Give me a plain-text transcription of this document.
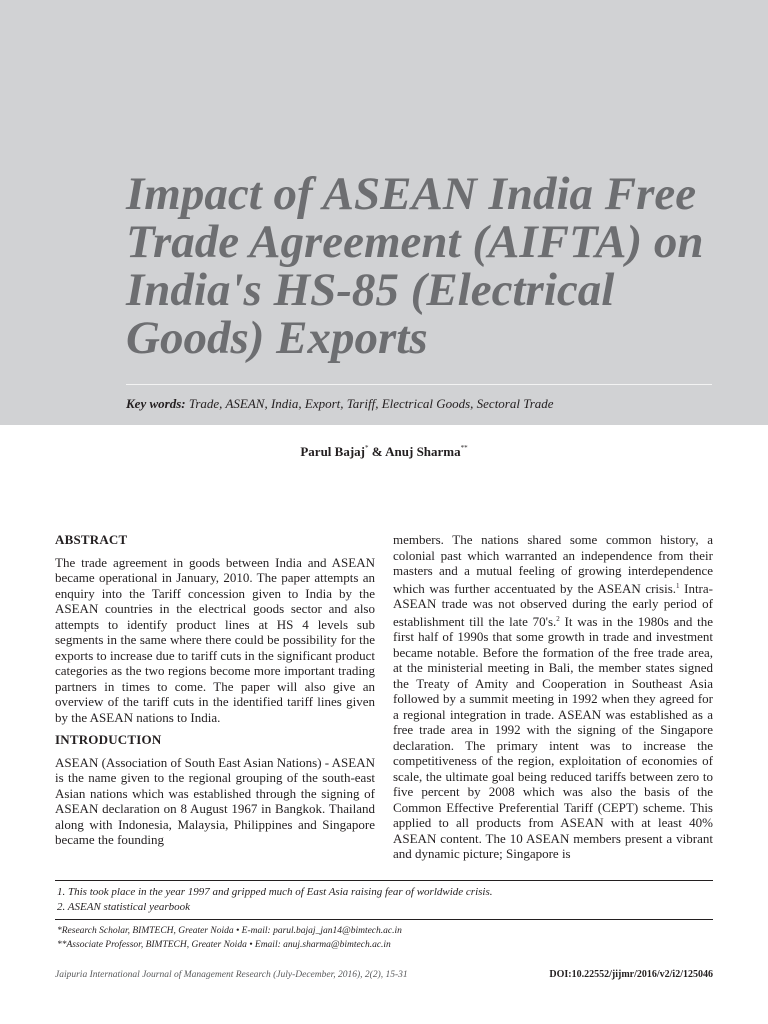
Impact of ASEAN India Free Trade Agreement (AIFTA) on India's HS-85 (Electrical Goods) Exports
Key words: Trade, ASEAN, India, Export, Tariff, Electrical Goods, Sectoral Trade
Parul Bajaj* & Anuj Sharma**
ABSTRACT

The trade agreement in goods between India and ASEAN became operational in January, 2010. The paper attempts an enquiry into the Tariff concession given to India by the ASEAN countries in the electrical goods sector and also attempts to identify product lines at HS 4 levels sub segments in the same where there could be possibility for the exports to increase due to tariff cuts in the significant product categories as the two regions become more important trading partners in times to come. The paper will also give an overview of the tariff cuts in the identified tariff lines given by the ASEAN nations to India.

INTRODUCTION

ASEAN (Association of South East Asian Nations) - ASEAN is the name given to the regional grouping of the south-east Asian nations which was established through the signing of ASEAN declaration on 8 August 1967 in Bangkok. Thailand along with Indonesia, Malaysia, Philippines and Singapore became the founding

members. The nations shared some common history, a colonial past which warranted an independence from their masters and a mutual feeling of growing interdependence which was further accentuated by the ASEAN crisis.$^1$ Intra-ASEAN trade was not observed during the early period of establishment till the late 70's.$^2$ It was in the 1980s and the first half of 1990s that some growth in trade and investment became notable. Before the formation of the free trade area, at the ministerial meeting in Bali, the member states signed the Treaty of Amity and Cooperation in Southeast Asia followed by a summit meeting in 1992 when they agreed for a regional integration in trade. ASEAN was established as a free trade area in 1992 with the signing of the Singapore declaration. The primary intent was to increase the competitiveness of the region, exploitation of economies of scale, the ultimate goal being reduced tariffs between zero to five percent by 2008 which was also the basis of the Common Effective Preferential Tariff (CEPT) scheme. This applied to all products from ASEAN with at least 40% ASEAN content. The 10 ASEAN members present a vibrant and dynamic picture; Singapore is

1. This took place in the year 1997 and gripped much of East Asia raising fear of worldwide crisis.
2. ASEAN statistical yearbook
*Research Scholar, BIMTECH, Greater Noida • E-mail: parul.bajaj_jan14@bimtech.ac.in
**Associate Professor, BIMTECH, Greater Noida • Email: anuj.sharma@bimtech.ac.in
Jaipuria International Journal of Management Research (July-December, 2016), 2(2), 15-31	DOI:10.22552/jijmr/2016/v2/i2/125046
